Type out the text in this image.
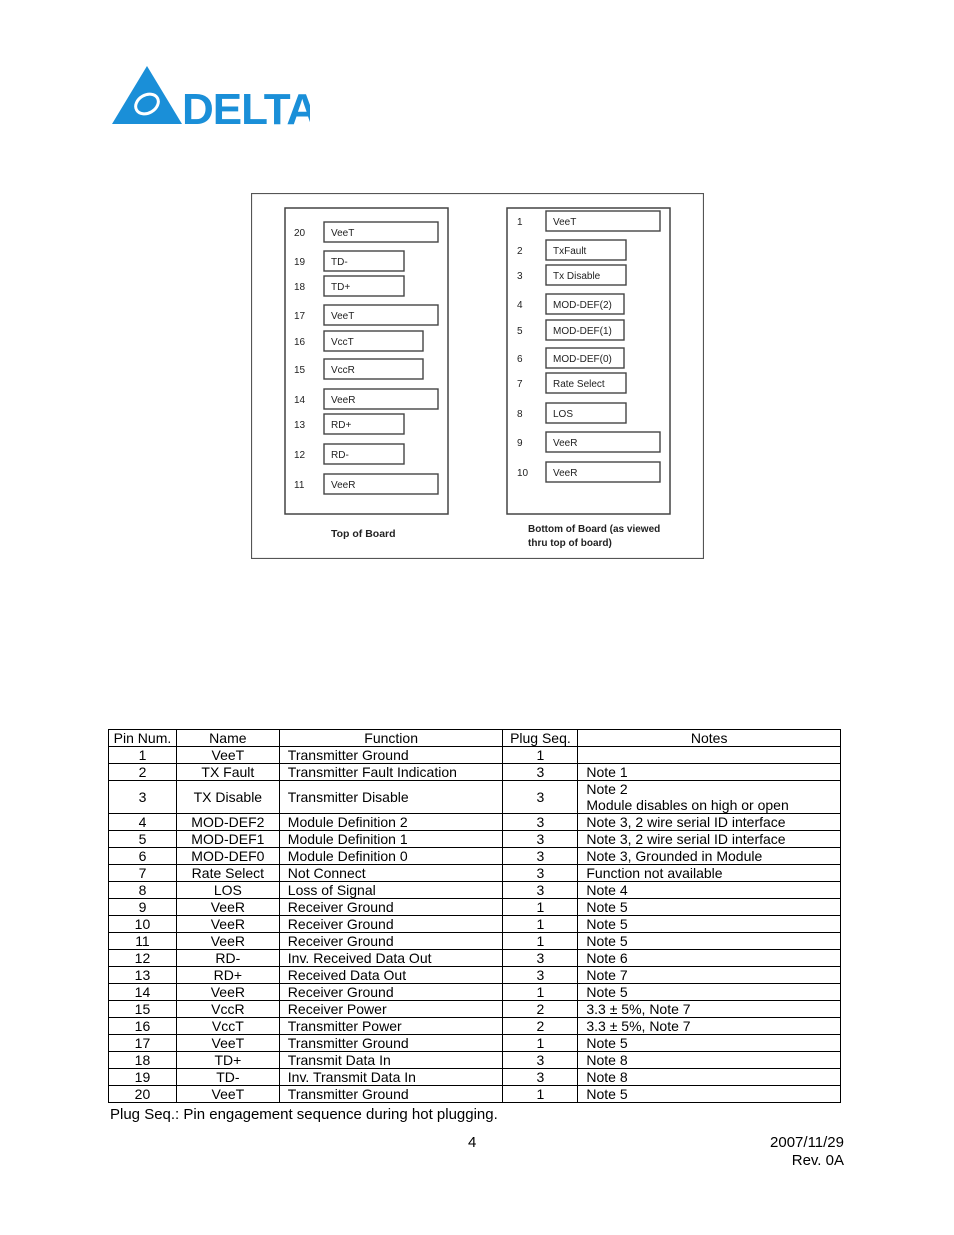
DELTA
20	VeeT
19	TD-
18	TD+
17	VeeT
16	VccT
15	VccR
14	VeeR
13	RD+
12	RD-
11	VeeR
1	VeeT
2	TxFault
3	Tx Disable
4	MOD-DEF(2)
5	MOD-DEF(1)
6	MOD-DEF(0)
7	Rate Select
8	LOS
9	VeeR
10 VeeR
Top of Board	Bottom of Board (as viewed
thru top of board)
Pin Num.	Name	Function	Plug Seq.	Notes
1	VeeT	Transmitter Ground	1	
2	TX Fault	Transmitter Fault Indication	3	Note 1
3	TX Disable	Transmitter Disable	3	Note 2
Module disables on high or open

4	MOD-DEF2	Module Definition 2	3	Note 3, 2 wire serial ID interface
5	MOD-DEF1	Module Definition 1	3	Note 3, 2 wire serial ID interface
6	MOD-DEF0	Module Definition 0	3	Note 3, Grounded in Module
7	Rate Select	Not Connect	3	Function not available
8	LOS	Loss of Signal	3	Note 4
9	VeeR	Receiver Ground	1	Note 5
10	VeeR	Receiver Ground	1	Note 5
11	VeeR	Receiver Ground	1	Note 5
12	RD-	Inv. Received Data Out	3	Note 6
13	RD+	Received Data Out	3	Note 7
14	VeeR	Receiver Ground	1	Note 5
15	VccR	Receiver Power	2	3.3 ± 5%, Note 7
16	VccT	Transmitter Power	2	3.3 ± 5%, Note 7
17	VeeT	Transmitter Ground	1	Note 5
18	TD+	Transmit Data In	3	Note 8
19	TD-	Inv. Transmit Data In	3	Note 8
20	VeeT	Transmitter Ground	1	Note 5
Plug Seq.: Pin engagement sequence during hot plugging.
4	2007/11/29
Rev. 0A
